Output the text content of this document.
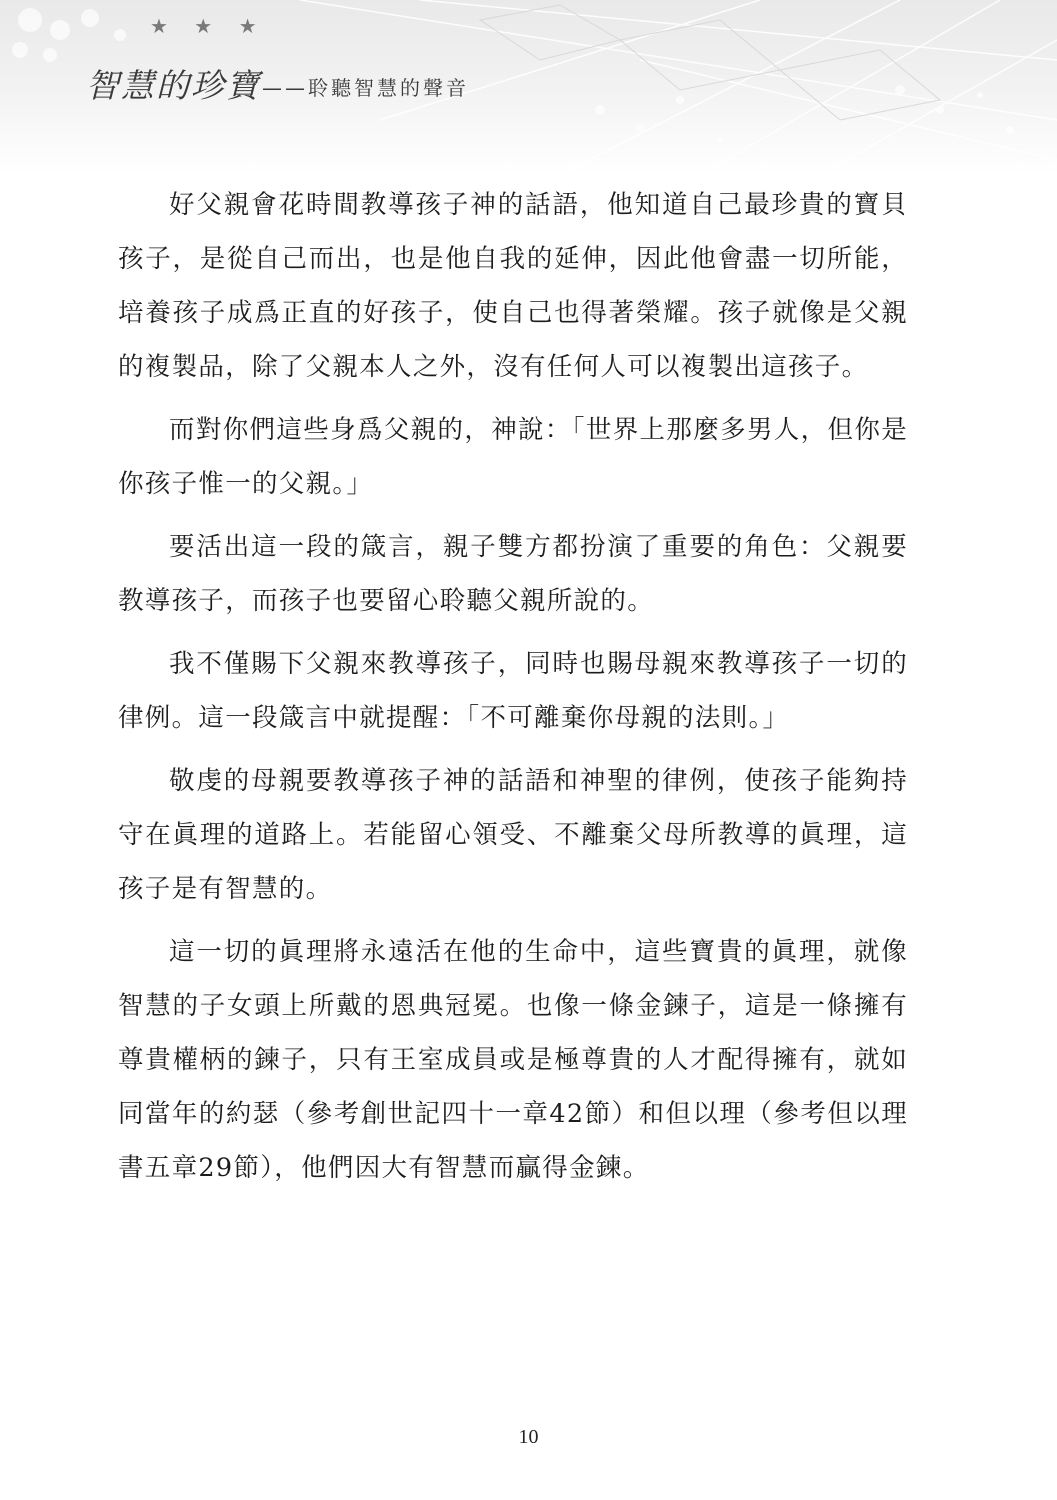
★ ★ ★
智慧的珍寶 ——聆聽智慧的聲音

好父親會花時間教導孩子神的話語，他知道自己最珍貴的寶貝孩子，是從自己而出，也是他自我的延伸，因此他會盡一切所能，培養孩子成爲正直的好孩子，使自己也得著榮耀。孩子就像是父親的複製品，除了父親本人之外，沒有任何人可以複製出這孩子。

而對你們這些身爲父親的，神說：「世界上那麼多男人，但你是你孩子惟一的父親。」

要活出這一段的箴言，親子雙方都扮演了重要的角色：父親要教導孩子，而孩子也要留心聆聽父親所說的。

我不僅賜下父親來教導孩子，同時也賜母親來教導孩子一切的律例。這一段箴言中就提醒：「不可離棄你母親的法則。」

敬虔的母親要教導孩子神的話語和神聖的律例，使孩子能夠持守在眞理的道路上。若能留心領受、不離棄父母所教導的眞理，這孩子是有智慧的。

這一切的眞理將永遠活在他的生命中，這些寶貴的眞理，就像智慧的子女頭上所戴的恩典冠冕。也像一條金鍊子，這是一條擁有尊貴權柄的鍊子，只有王室成員或是極尊貴的人才配得擁有，就如同當年的約瑟（參考創世記四十一章42節）和但以理（參考但以理書五章29節），他們因大有智慧而贏得金鍊。

10
